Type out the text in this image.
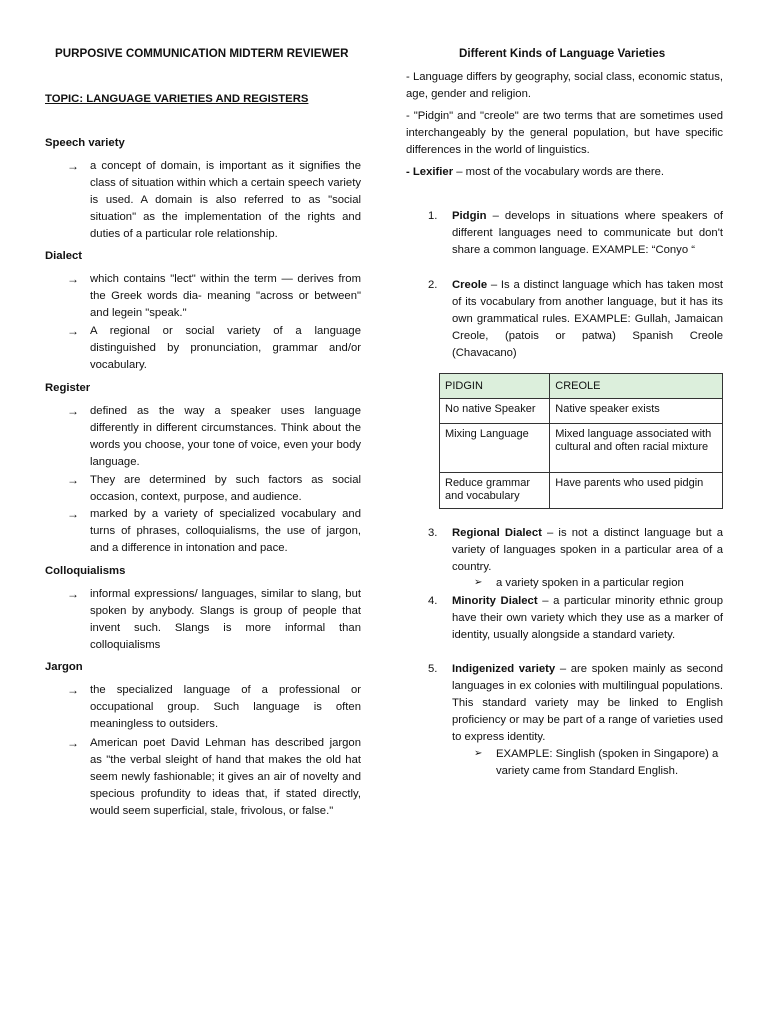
PURPOSIVE COMMUNICATION MIDTERM REVIEWER
TOPIC: LANGUAGE VARIETIES AND REGISTERS
Speech variety
→ a concept of domain, is important as it signifies the class of situation within which a certain speech variety is used. A domain is also referred to as "social situation" as the implementation of the rights and duties of a particular role relationship.
Dialect
→ which contains "lect" within the term — derives from the Greek words dia- meaning "across or between" and legein "speak."
→ A regional or social variety of a language distinguished by pronunciation, grammar and/or vocabulary.
Register
→ defined as the way a speaker uses language differently in different circumstances. Think about the words you choose, your tone of voice, even your body language.
→ They are determined by such factors as social occasion, context, purpose, and audience.
→ marked by a variety of specialized vocabulary and turns of phrases, colloquialisms, the use of jargon, and a difference in intonation and pace.
Colloquialisms
→ informal expressions/ languages, similar to slang, but spoken by anybody. Slangs is group of people that invent such. Slangs is more informal than colloquialisms
Jargon
→ the specialized language of a professional or occupational group. Such language is often meaningless to outsiders.
→ American poet David Lehman has described jargon as "the verbal sleight of hand that makes the old hat seem newly fashionable; it gives an air of novelty and specious profundity to ideas that, if stated directly, would seem superficial, stale, frivolous, or false."
Different Kinds of Language Varieties
- Language differs by geography, social class, economic status, age, gender and religion.
- "Pidgin" and "creole" are two terms that are sometimes used interchangeably by the general population, but have specific differences in the world of linguistics.
- Lexifier – most of the vocabulary words are there.
1. Pidgin – develops in situations where speakers of different languages need to communicate but don't share a common language. EXAMPLE: “Conyo “
2. Creole – Is a distinct language which has taken most of its vocabulary from another language, but it has its own grammatical rules. EXAMPLE: Gullah, Jamaican Creole, (patois or patwa) Spanish Creole (Chavacano)
PIDGIN	CREOLE
No native Speaker	Native speaker exists
Mixing Language	Mixed language associated with cultural and often racial mixture
Reduce grammar and vocabulary	Have parents who used pidgin
3. Regional Dialect – is not a distinct language but a variety of languages spoken in a particular area of a country.
➢ a variety spoken in a particular region
4. Minority Dialect – a particular minority ethnic group have their own variety which they use as a marker of identity, usually alongside a standard variety.
5. Indigenized variety – are spoken mainly as second languages in ex colonies with multilingual populations. This standard variety may be linked to English proficiency or may be part of a range of varieties used to express identity.
➢ EXAMPLE: Singlish (spoken in Singapore) a variety came from Standard English.
